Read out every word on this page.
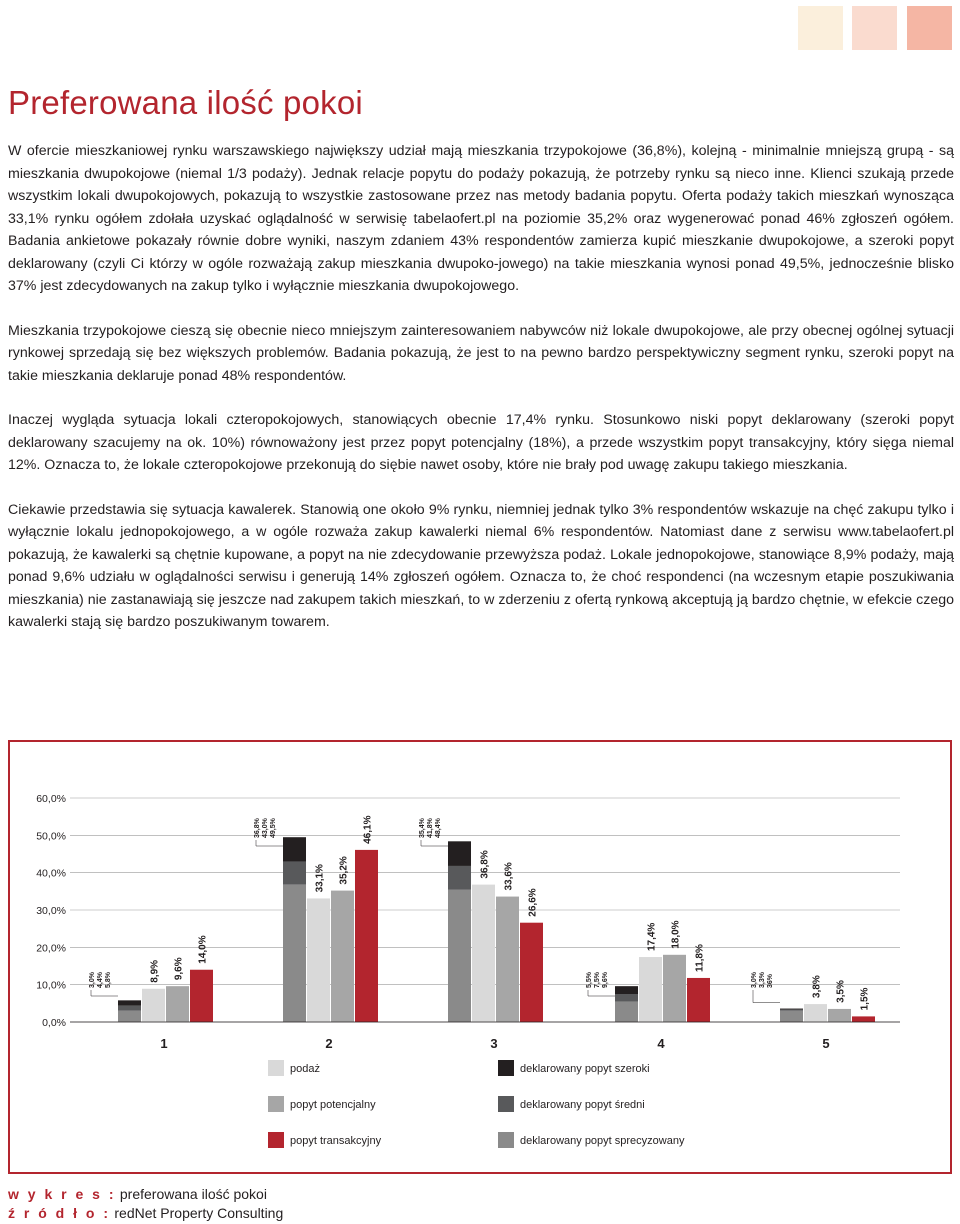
Preferowana ilość pokoi

W ofercie mieszkaniowej rynku warszawskiego największy udział mają mieszkania trzypokojowe (36,8%), kolejną - minimalnie mniejszą grupą - są mieszkania dwupokojowe (niemal 1/3 podaży). Jednak relacje popytu do podaży pokazują, że potrzeby rynku są nieco inne. Klienci szukają przede wszystkim lokali dwupokojowych, pokazują to wszystkie zastosowane przez nas metody badania popytu. Oferta podaży takich mieszkań wynosząca 33,1% rynku ogółem zdołała uzyskać oglądalność w serwisię tabelaofert.pl na poziomie 35,2% oraz wygenerować ponad 46% zgłoszeń ogółem. Badania ankietowe pokazały równie dobre wyniki, naszym zdaniem 43% respondentów zamierza kupić mieszkanie dwupokojowe, a szeroki popyt deklarowany (czyli Ci którzy w ogóle rozważają zakup mieszkania dwupoko-jowego) na takie mieszkania wynosi ponad 49,5%, jednocześnie blisko 37% jest zdecydowanych na zakup tylko i wyłącznie mieszkania dwupokojowego.

Mieszkania trzypokojowe cieszą się obecnie nieco mniejszym zainteresowaniem nabywców niż lokale dwupokojowe, ale przy obecnej ogólnej sytuacji rynkowej sprzedają się bez większych problemów. Badania pokazują, że jest to na pewno bardzo perspektywiczny segment rynku, szeroki popyt na takie mieszkania deklaruje ponad 48% respondentów.

Inaczej wygląda sytuacja lokali czteropokojowych, stanowiących obecnie 17,4% rynku. Stosunkowo niski popyt deklarowany (szeroki popyt deklarowany szacujemy na ok. 10%) równoważony jest przez popyt potencjalny (18%), a przede wszystkim popyt transakcyjny, który sięga niemal 12%. Oznacza to, że lokale czteropokojowe przekonują do siębie nawet osoby, które nie brały pod uwagę zakupu takiego mieszkania.

Ciekawie przedstawia się sytuacja kawalerek. Stanowią one około 9% rynku, niemniej jednak tylko 3% respondentów wskazuje na chęć zakupu tylko i wyłącznie lokalu jednopokojowego, a w ogóle rozważa zakup kawalerki niemal 6% respondentów. Natomiast dane z serwisu www.tabelaofert.pl pokazują, że kawalerki są chętnie kupowane, a popyt na nie zdecydowanie przewyższa podaż. Lokale jednopokojowe, stanowiące 8,9% podaży, mają ponad 9,6% udziału w oglądalności serwisu i generują 14% zgłoszeń ogółem. Oznacza to, że choć respondenci (na wczesnym etapie poszukiwania mieszkania) nie zastanawiają się jeszcze nad zakupem takich mieszkań, to w zderzeniu z ofertą rynkową akceptują ją bardzo chętnie, w efekcie czego kawalerki stają się bardzo poszukiwanym towarem.

0,0%
10,0%
20,0%
30,0%
40,0%
50,0%
60,0%
3,0% 4,4% 5,8%	8,9% 9,6%
14,0%
1
36,8% 43,0% 49,5%
33,1% 35,2%
46,1%
2
35,4% 41,8% 48,4%
36,8% 33,6%
26,6%
3
5,5% 7,5% 9,6%
17,4% 18,0%
11,8%
4
3,0% 3,3% 36%	3,8% 3,5% 1,5%
5
podaż	deklarowany popyt szeroki
popyt potencjalny	deklarowany popyt średni
popyt transakcyjny	deklarowany popyt sprecyzowany
w y k r e s : preferowana ilość pokoi
ź r ó d ł o : redNet Property Consulting
